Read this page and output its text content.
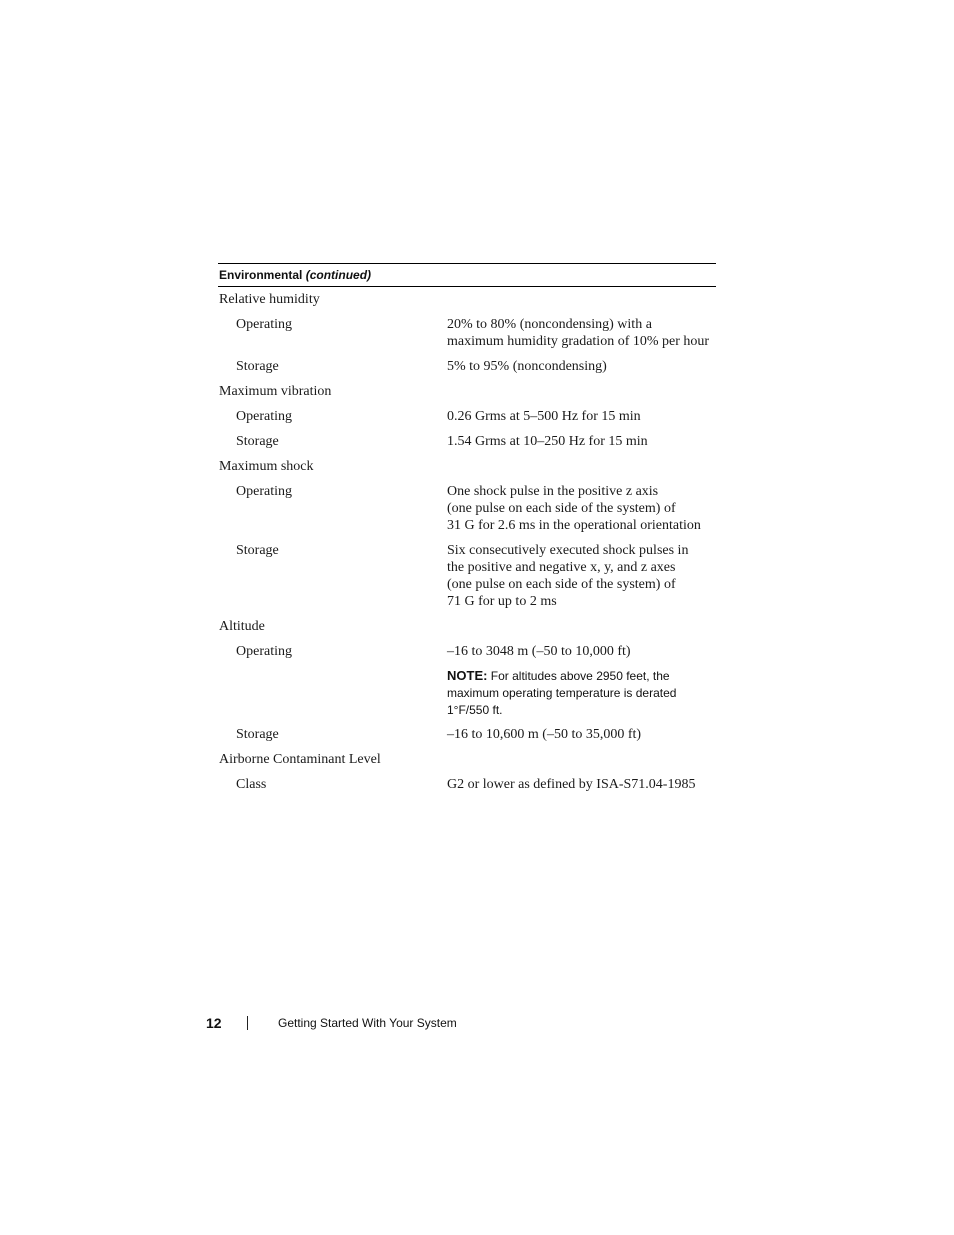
Environmental (continued)
Relative humidity
Operating	20% to 80% (noncondensing) with a
maximum humidity gradation of 10% per hour
Storage	5% to 95% (noncondensing)
Maximum vibration
Operating	0.26 Grms at 5–500 Hz for 15 min
Storage	1.54 Grms at 10–250 Hz for 15 min
Maximum shock
Operating	One shock pulse in the positive z axis
(one pulse on each side of the system) of
31 G for 2.6 ms in the operational orientation
Storage	Six consecutively executed shock pulses in
the positive and negative x, y, and z axes
(one pulse on each side of the system) of
71 G for up to 2 ms
Altitude
Operating	–16 to 3048 m (–50 to 10,000 ft)
NOTE: For altitudes above 2950 feet, the
maximum operating temperature is derated
1°F/550 ft.
Storage	–16 to 10,600 m (–50 to 35,000 ft)
Airborne Contaminant Level
Class	G2 or lower as defined by ISA-S71.04-1985
12	Getting Started With Your System
